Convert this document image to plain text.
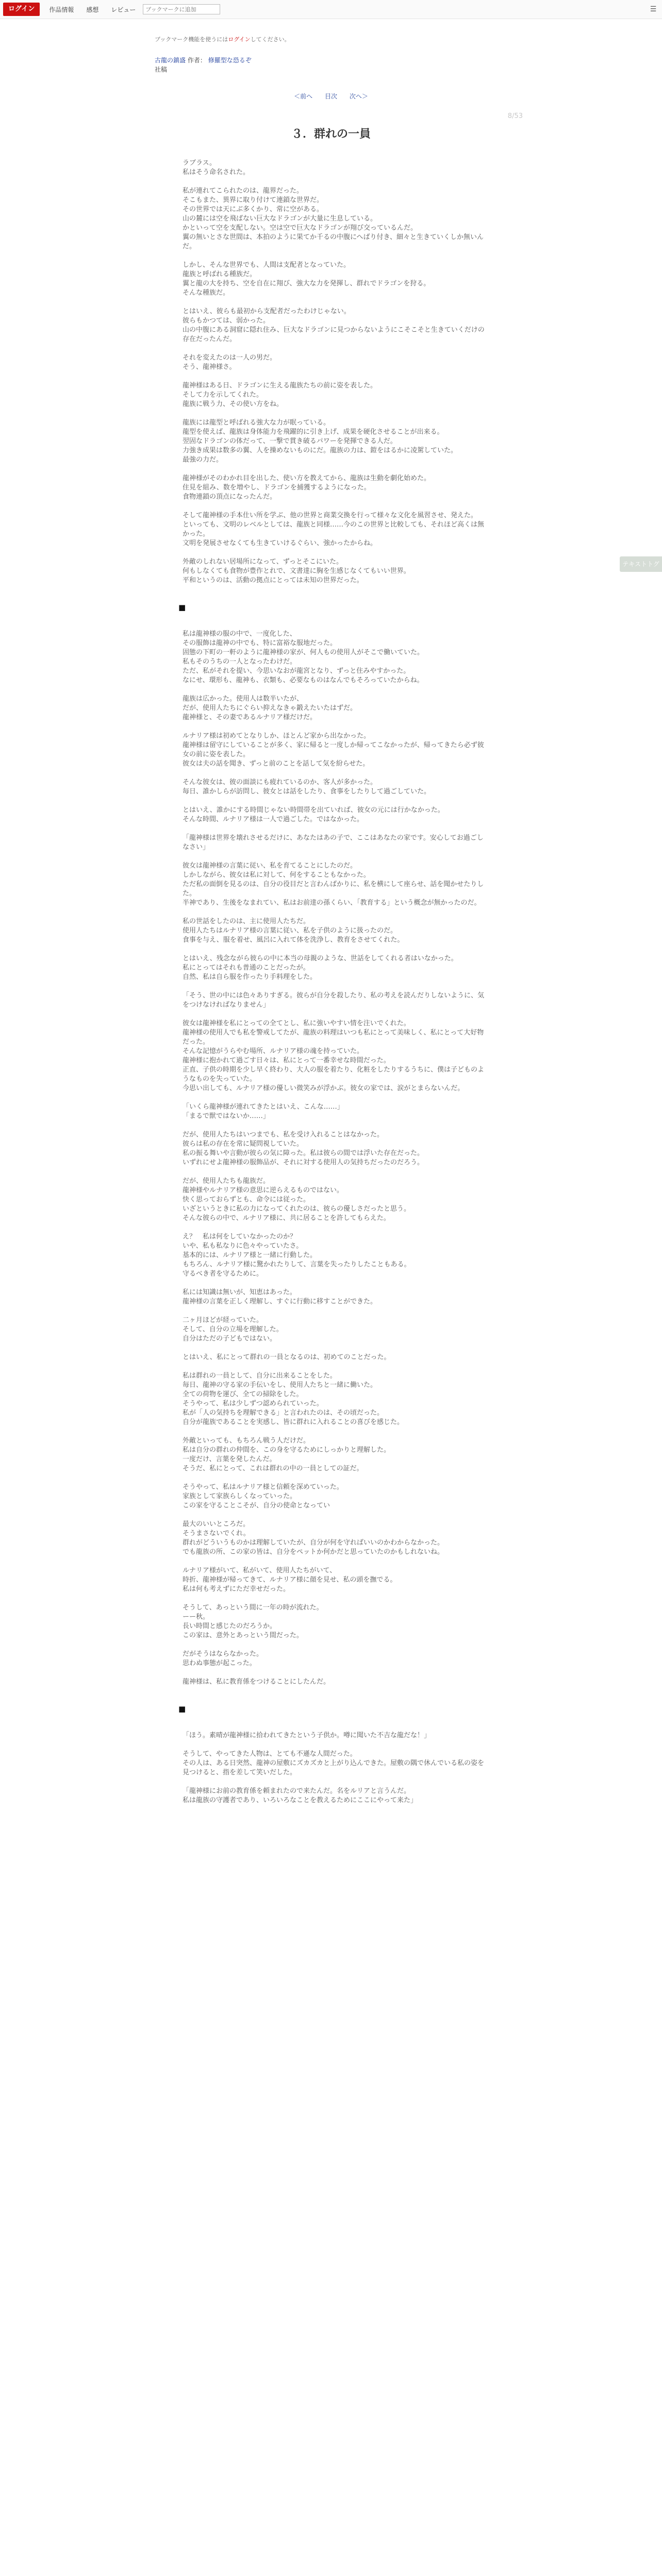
ログイン	作品情報	感想	レビュー
ブックマークに追加	☰
ブックマーク機能を使うにはログインしてください。
古龍の鎮盛 作者： 修羅型な恐るぞ
社稿
＜前へ 目次 次へ＞
8/53
３．群れの一員

ラブラス。

私はそう命名された。

私が連れてこられたのは、龍界だった。

そこもまた、異界に取り付けて連鎖な世界だ。

その世界では天にぶ多くかり、常に空がある。

山の麓には空を飛ばない巨大なドラゴンが大量に生息している。

かといって空を支配しない。空は空で巨大なドラゴンが翔び交っているんだ。

翼の無いとさな世間は、本拍のように果てか千るの中腹にへばり付き、細々と生きていくしか無いんだ。

しかし、そんな世界でも、人間は支配者となっていた。

龍族と呼ばれる種族だ。

翼と龍の大を持ち、空を自在に翔び、強大な力を発揮し、群れでドラゴンを狩る。

そんな種族だ。

とはいえ、彼らも最初から支配者だったわけじゃない。

彼らもかつては、弱かった。

山の中腹にある洞窟に隠れ住み、巨大なドラゴンに見つからないようにこそこそと生きていくだけの存在だったんだ。

それを変えたのは一人の男だ。

そう、龍神様さ。

龍神様はある日、ドラゴンに生える龍族たちの前に姿を表した。

そして力を示してくれた。

龍族に戦う力、その使い方をね。

龍族には龍型と呼ばれる強大な力が眠っている。

龍型を使えば、龍族は身体能力を飛躍的に引き上げ、成果を硬化させることが出来る。

翌固なドラゴンの体だって、一撃で貫き破るパワーを発揮できる人だ。

力強き成果は数多の翼、人を操めないものにだ。龍族の力は、鎧をはるかに凌駕していた。

最強の力だ。

龍神様がそのわかれ目を出した、使い方を教えてから、龍族は生動を劇化始めた。

住見を組み、数を増やし、ドラゴンを捕獲するようになった。

食物連鎖の頂点になったんだ。

そして龍神様の手本仕い所を学ぶ、他の世界と商業交換を行って様々な文化を風習させ、発えた。

といっても、文明のレベルとしては、龍族と同様……今のこの世界と比較しても、それほど高くは無かった。

文明を発展させなくても生きていけるぐらい、強かったからね。

外敵のしれない居場所になって、ずっとそこにいた。

何もしなくても食物が豊作とれで、文書達に胸を生感じなくてもいい世界。

平和というのは、活動の拠点にとっては未知の世界だった。

■

私は龍神様の服の中で、一度化した、

その服飾は龍神の中でも、特に富裕な服地だった。

固態の下町の一軒のように龍神様の家が、何人もの使用人がそこで働いていた。

私もそのうちの一人となったわけだ。

ただ、私がそれを提い、今思いなおが龍宮となり、ずっと住みやすかった。

なにせ、環形も、龍神も、衣類も、必要なものはなんでもそろっていたからね。

龍族は広かった。使用人は数半いたが、

だが、使用人たちにぐらい抑えなきゃ鍛えたいたはずだ。

龍神様と、その妻であるルナリア様だけだ。

ルナリア様は初めてとなりしか、ほとんど家から出なかった。

龍神様は留守にしていることが多く、家に帰ると一度しか帰ってこなかったが、帰ってきたら必ず彼女の前に姿を表した。

彼女は夫の話を聞き、ずっと前のことを話して気を紛らせた。

そんな彼女は、彼の面談にも疲れているのか、客人が多かった。

毎日、誰かしらが訪問し、彼女とは話をしたり、食事をしたりして過ごしていた。

とはいえ、誰かにする時間じゃない時間帯を出ていれば、彼女の元には行かなかった。

そんな時間、ルナリア様は一人で過ごした。ではなかった。

「龍神様は世界を壊れさせるだけに、あなたはあの子で、ここはあなたの家です。安心してお過ごしなさい」

彼女は龍神様の言葉に従い、私を育てることにしたのだ。

しかしながら、彼女は私に対して、何をすることもなかった。

ただ私の面倒を見るのは、自分の役目だと言わんばかりに、私を横にして座らせ、話を聞かせたりした。

半神であり、生後をなまれてい、私はお前達の孫くらい、「教育する」という概念が無かったのだ。

私の世話をしたのは、主に使用人たちだ。

使用人たちはルナリア様の言葉に従い、私を子供のように扱ったのだ。

食事を与え、服を着せ、風呂に入れて体を洗浄し、教育をさせてくれた。

とはいえ、残念ながら彼らの中に本当の母親のような、世話をしてくれる者はいなかった。

私にとってはそれも普通のことだったが。

自然、私は自ら服を作ったり手料理をした。

「そう、世の中には色々ありすぎる。彼らが自分を殺したり、私の考えを読んだりしないように、気をつけなければなりません」

彼女は龍神様を私にとっての全てとし、私に強いやすい情を注いでくれた。

龍神様の使用人でも私を警戒してたが、龍族の料理はいつも私にとって美味しく、私にとって大好物だった。

そんな記憶がうらやむ場所、ルナリア様の魂を持っていた。

龍神様に抱かれて過ごす日々は、私にとって一番幸せな時間だった。

正直、子供の時期を少し早く終わり、大人の服を着たり、化粧をしたりするうちに、僕は子どものようなものを失っていた。

今思い出しても、ルナリア様の優しい微笑みが浮かぶ。彼女の家では、涙がとまらないんだ。

「いくら龍神様が連れてきたとはいえ、こんな……」

「まるで獣ではないか……」

だが、使用人たちはいつまでも、私を受け入れることはなかった。

彼らは私の存在を常に疑問視していた。

私の振る舞いや言動が彼らの気に障った。私は彼らの間では浮いた存在だった。

いずれにせよ龍神様の服飾品が、それに対する使用人の気持ちだったのだろう。

だが、使用人たちも龍族だ。

龍神様やルナリア様の意思に逆らえるものではない。

快く思っておらずとも、命令には従った。

いざというときに私の力になってくれたのは、彼らの優しさだったと思う。

そんな彼らの中で、ルナリア様に、共に居ることを許してもらえた。

え？　私は何をしていなかったのか？

いや、私も私なりに色々やっていたさ。

基本的には、ルナリア様と一緒に行動した。

もちろん、ルナリア様に驚かれたりして、言葉を失ったりしたこともある。

守るべき者を守るために。

私には知識は無いが、知恵はあった。

龍神様の言葉を正しく理解し、すぐに行動に移すことができた。

二ヶ月ほどが経っていた。

そして、自分の立場を理解した。

自分はただの子どもではない。

とはいえ、私にとって群れの一員となるのは、初めてのことだった。

私は群れの一員として、自分に出来ることをした。

毎日、龍神の守る家の手伝いをし、使用人たちと一緒に働いた。

全ての荷物を運び、全ての掃除をした。

そうやって、私は少しずつ認められていった。

私が「人の気持ちを理解できる」と言われたのは、その頃だった。

自分が龍族であることを実感し、皆に群れに入れることの喜びを感じた。

外敵といっても、もちろん戦う人だけだ。

私は自分の群れの仲間を、この身を守るためにしっかりと理解した。

一度だけ、言葉を発したんだ。

そうだ、私にとって、これは群れの中の一員としての証だ。

そうやって、私はルナリア様と信頼を深めていった。

家族として家族らしくなっていった。

この家を守ることこそが、自分の使命となってい

最大のいいところだ。

そうまさないでくれ。

群れがどういうものかは理解していたが、自分が何を守ればいいのかわからなかった。

でも龍族の所、この家の皆は、自分をペットか何かだと思っていたのかもしれないね。

ルナリア様がいて、私がいて、使用人たちがいて、

時折、龍神様が帰ってきて、ルナリア様に顔を見せ、私の頭を撫でる。

私は何も考えずにただ幸せだった。

そうして、あっという間に一年の時が流れた。

ーー秋。

長い時間と感じたのだろうか。

この家は、意外とあっという間だった。

だがそうはならなかった。

思わぬ事態が起こった。

龍神様は、私に教育係をつけることにしたんだ。

■

「ほう。素晴が龍神様に拾われてきたという子供か。噂に聞いた不吉な龍だな！」

そうして、やってきた人物は、とても不遜な人間だった。

その人は、ある日突然、龍神の屋敷にズカズカと上がり込んできた。屋敷の隅で休んでいる私の姿を見つけると、指を差して笑いだした。

「龍神様にお前の教育係を頼まれたので来たんだ。名をルリアと言うんだ。

私は龍族の守護者であり、いろいろなことを教えるためにここにやって来た」

テキストトグル
